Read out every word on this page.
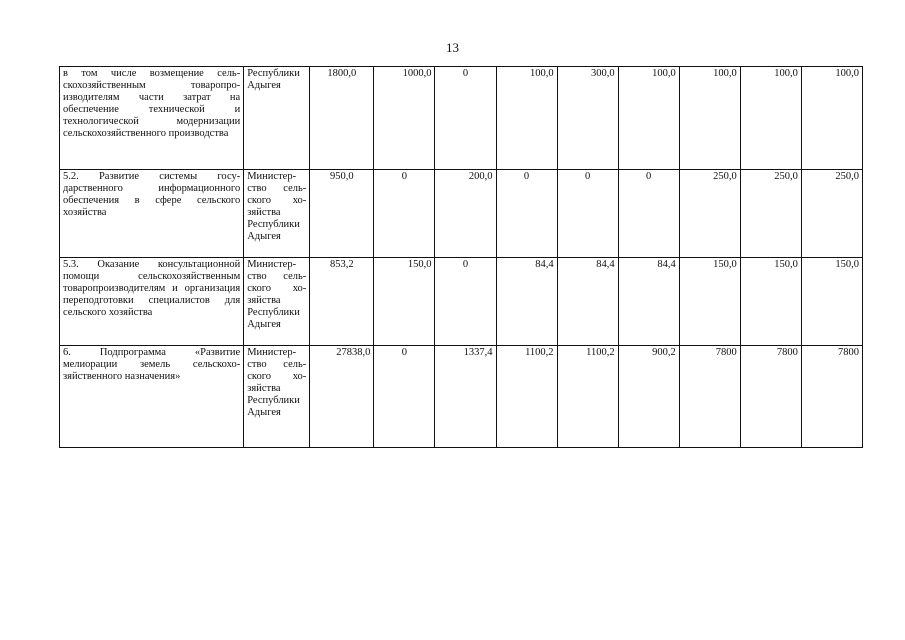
13
в том числе возмещение сельскохозяйственным товаропроизводителям части затрат на обеспечение технической и технологической модернизации сельскохозяйственного производства	Республики Адыгея	1800,0	1000,0	0	100,0	300,0	100,0	100,0	100,0	100,0
5.2. Развитие системы государственного информационного обеспечения в сфере сельского хозяйства	Министерство сельского хозяйства Республики Адыгея	950,0	0	200,0	0	0	0	250,0	250,0	250,0
5.3. Оказание консультационной помощи сельскохозяйственным товаропроизводителям и организация переподготовки специалистов для сельского хозяйства	Министерство сельского хозяйства Республики Адыгея	853,2	150,0	0	84,4	84,4	84,4	150,0	150,0	150,0
6. Подпрограмма «Развитие мелиорации земель сельскохозяйственного назначения»	Министерство сельского хозяйства Республики Адыгея	27838,0	0	1337,4	1100,2	1100,2	900,2	7800	7800	7800
